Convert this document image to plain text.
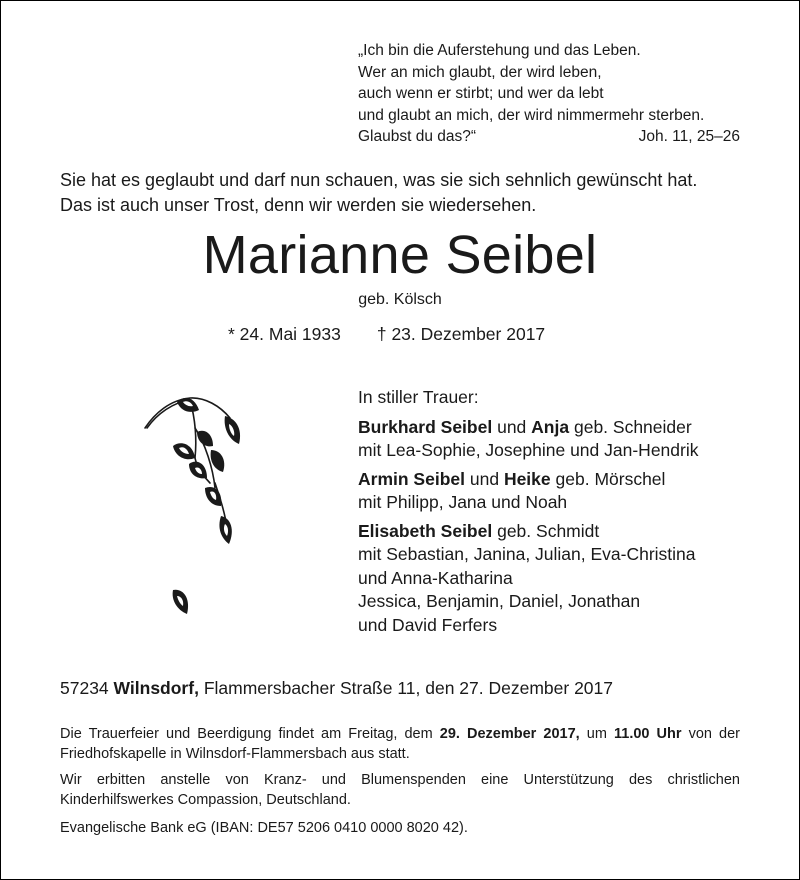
„Ich bin die Auferstehung und das Leben.
Wer an mich glaubt, der wird leben,
auch wenn er stirbt; und wer da lebt
und glaubt an mich, der wird nimmermehr sterben.
Glaubst du das?“	Joh. 11, 25–26
Sie hat es geglaubt und darf nun schauen, was sie sich sehnlich gewünscht hat.
Das ist auch unser Trost, denn wir werden sie wiedersehen.
Marianne Seibel
geb. Kölsch
* 24. Mai 1933 † 23. Dezember 2017
In stiller Trauer:
Burkhard Seibel und Anja geb. Schneider
mit Lea-Sophie, Josephine und Jan-Hendrik
Armin Seibel und Heike geb. Mörschel
mit Philipp, Jana und Noah
Elisabeth Seibel geb. Schmidt
mit Sebastian, Janina, Julian, Eva-Christina
und Anna-Katharina
Jessica, Benjamin, Daniel, Jonathan
und David Ferfers
57234 Wilnsdorf, Flammersbacher Straße 11, den 27. Dezember 2017
Die Trauerfeier und Beerdigung findet am Freitag, dem 29. Dezember 2017, um 11.00 Uhr von der Friedhofskapelle in Wilnsdorf-Flammersbach aus statt.
Wir erbitten anstelle von Kranz- und Blumenspenden eine Unterstützung des christlichen Kinderhilfswerkes Compassion, Deutschland.
Evangelische Bank eG (IBAN: DE57 5206 0410 0000 8020 42).
